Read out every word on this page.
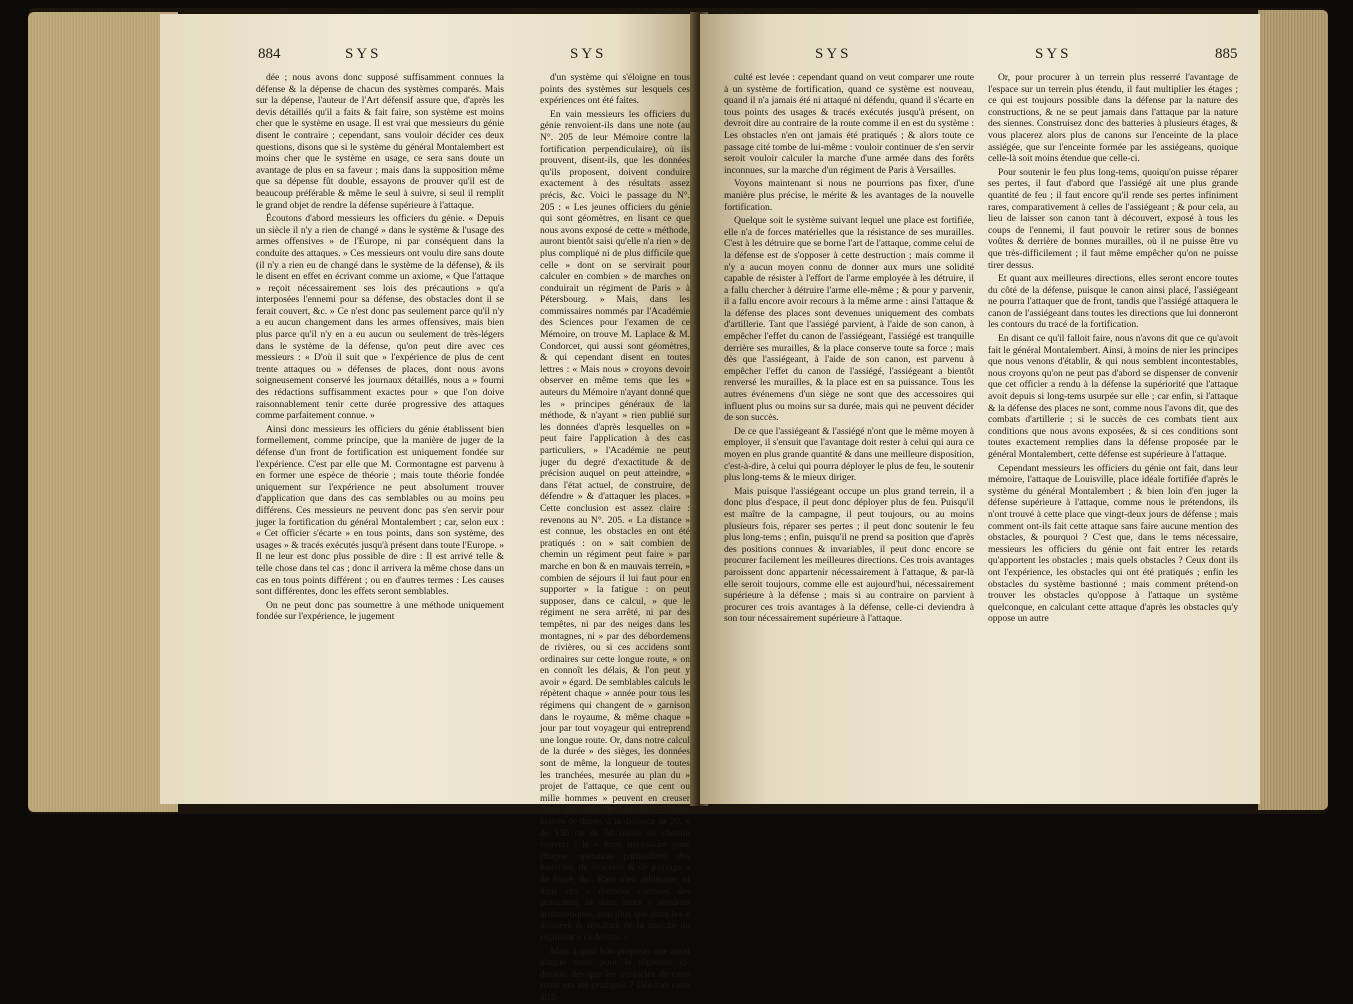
884	SYS	SYS

dée ; nous avons donc supposé suffisamment connues la défense & la dépense de chacun des systèmes comparés. Mais sur la dépense, l'auteur de l'Art défensif assure que, d'après les devis détaillés qu'il a faits & fait faire, son système est moins cher que le système en usage. Il est vrai que messieurs du génie disent le contraire ; cependant, sans vouloir décider ces deux questions, disons que si le système du général Montalembert est moins cher que le système en usage, ce sera sans doute un avantage de plus en sa faveur ; mais dans la supposition même que sa dépense fût double, essayons de prouver qu'il est de beaucoup préférable & même le seul à suivre, si seul il remplit le grand objet de rendre la défense supérieure à l'attaque.

Écoutons d'abord messieurs les officiers du génie. « Depuis un siècle il n'y a rien de changé » dans le système & l'usage des armes offensives » de l'Europe, ni par conséquent dans la conduite des attaques. » Ces messieurs ont voulu dire sans doute (il n'y a rien eu de changé dans le système de la défense), & ils le disent en effet en écrivant comme un axiome, « Que l'attaque » reçoit nécessairement ses lois des précautions » qu'a interposées l'ennemi pour sa défense, des obstacles dont il se ferait couvert, &c. » Ce n'est donc pas seulement parce qu'il n'y a eu aucun changement dans les armes offensives, mais bien plus parce qu'il n'y en a eu aucun ou seulement de très-légers dans le système de la défense, qu'on peut dire avec ces messieurs : « D'où il suit que » l'expérience de plus de cent trente attaques ou » défenses de places, dont nous avons soigneusement conservé les journaux détaillés, nous a » fourni des rédactions suffisamment exactes pour » que l'on doive raisonnablement tenir cette durée progressive des attaques comme parfaitement connue. »

Ainsi donc messieurs les officiers du génie établissent bien formellement, comme principe, que la manière de juger de la défense d'un front de fortification est uniquement fondée sur l'expérience. C'est par elle que M. Cormontagne est parvenu à en former une espèce de théorie ; mais toute théorie fondée uniquement sur l'expérience ne peut absolument trouver d'application que dans des cas semblables ou au moins peu différens. Ces messieurs ne peuvent donc pas s'en servir pour juger la fortification du général Montalembert ; car, selon eux : « Cet officier s'écarte » en tous points, dans son système, des usages » & tracés exécutés jusqu'à présent dans toute l'Europe. » Il ne leur est donc plus possible de dire : Il est arrivé telle & telle chose dans tel cas ; donc il arrivera la même chose dans un cas en tous points différent ; ou en d'autres termes : Les causes sont différentes, donc les effets seront semblables.

On ne peut donc pas soumettre à une méthode uniquement fondée sur l'expérience, le jugement

d'un système qui s'éloigne en tous points des systèmes sur lesquels ces expériences ont été faites.

En vain messieurs les officiers du génie renvoient-ils dans une note (au N°. 205 de leur Mémoire contre la fortification perpendiculaire), où ils prouvent, disent-ils, que les données qu'ils proposent, doivent conduire exactement à des résultats assez précis, &c. Voici le passage du N°. 205 : « Les jeunes officiers du génie qui sont géomètres, en lisant ce que nous avons exposé de cette » méthode, auront bientôt saisi qu'elle n'a rien » de plus compliqué ni de plus difficile que celle » dont on se servirait pour calculer en combien » de marches on conduirait un régiment de Paris » à Pétersbourg. » Mais, dans les commissaires nommés par l'Académie des Sciences pour l'examen de ce Mémoire, on trouve M. Laplace & M. Condorcet, qui aussi sont géomètres, & qui cependant disent en toutes lettres : « Mais nous » croyons devoir observer en même tems que les » auteurs du Mémoire n'ayant donné que les » principes généraux de la méthode, & n'ayant » rien publié sur les données d'après lesquelles on » peut faire l'application à des cas particuliers, » l'Académie ne peut juger du degré d'exactitude & de précision auquel on peut atteindre, » dans l'état actuel, de construire, de défendre » & d'attaquer les places. » Cette conclusion est assez claire : revenons au N°. 205. « La distance » est connue, les obstacles en ont été pratiqués : on » sait combien de chemin un régiment peut faire » par marche en bon & en mauvais terrein, » combien de séjours il lui faut pour en supporter » la fatigue : on peut supposer, dans ce calcul, » que le régiment ne sera arrêté, ni par des tempêtes, ni par des neiges dans les montagnes, ni » par des débordemens de rivières, ou si ces accidens sont ordinaires sur cette longue route, » on en connoît les délais, & l'on peut y avoir » égard. De semblables calculs le répètent chaque » année pour tous les régimens qui changent de » garnison dans le royaume, & même chaque » jour par tout voyageur qui entreprend une longue route. Or, dans notre calcul de la durée » des sièges, les données sont de même, la longueur de toutes les tranchées, mesurée au plan du » projet de l'attaque, ce que cent ou mille hommes » peuvent en creuser dans une nuit de huit ou » douze heures de durée, à la distance de 20, » de 150 ou de 50 toises de chemin couvert ; le » tems nécessaire pour chaque opération particulière des batteries, de descente & de passage » de fossé, &c. Rien n'est arbitraire, ni dans ces » données connues des praticiens, ni dans leurs » résultats arithmétiques, non plus que dans les » données & résultats de la marche du régiment » ci-dessus. »

Mais à quoi bon proposer une aussi longue route pour le régiment ci-dessus, dès que les obstacles de cette route ont été pratiqués ? Dès-lors cette diffi-

SYS	SYS	885

culté est levée : cependant quand on veut comparer une route à un système de fortification, quand ce système est nouveau, quand il n'a jamais été ni attaqué ni défendu, quand il s'écarte en tous points des usages & tracés exécutés jusqu'à présent, on devroit dire au contraire de la route comme il en est du système : Les obstacles n'en ont jamais été pratiqués ; & alors toute ce passage cité tombe de lui-même : vouloir continuer de s'en servir seroit vouloir calculer la marche d'une armée dans des forêts inconnues, sur la marche d'un régiment de Paris à Versailles.

Voyons maintenant si nous ne pourrions pas fixer, d'une manière plus précise, le mérite & les avantages de la nouvelle fortification.

Quelque soit le système suivant lequel une place est fortifiée, elle n'a de forces matérielles que la résistance de ses murailles. C'est à les détruire que se borne l'art de l'attaque, comme celui de la défense est de s'opposer à cette destruction ; mais comme il n'y a aucun moyen connu de donner aux murs une solidité capable de résister à l'effort de l'arme employée à les détruire, il a fallu chercher à détruire l'arme elle-même ; & pour y parvenir, il a fallu encore avoir recours à la même arme : ainsi l'attaque & la défense des places sont devenues uniquement des combats d'artillerie. Tant que l'assiégé parvient, à l'aide de son canon, à empêcher l'effet du canon de l'assiégeant, l'assiégé est tranquille derrière ses murailles, & la place conserve toute sa force ; mais dès que l'assiégeant, à l'aide de son canon, est parvenu à empêcher l'effet du canon de l'assiégé, l'assiégeant a bientôt renversé les murailles, & la place est en sa puissance. Tous les autres événemens d'un siège ne sont que des accessoires qui influent plus ou moins sur sa durée, mais qui ne peuvent décider de son succès.

De ce que l'assiégeant & l'assiégé n'ont que le même moyen à employer, il s'ensuit que l'avantage doit rester à celui qui aura ce moyen en plus grande quantité & dans une meilleure disposition, c'est-à-dire, à celui qui pourra déployer le plus de feu, le soutenir plus long-tems & le mieux diriger.

Mais puisque l'assiégeant occupe un plus grand terrein, il a donc plus d'espace, il peut donc déployer plus de feu. Puisqu'il est maître de la campagne, il peut toujours, ou au moins plusieurs fois, réparer ses pertes ; il peut donc soutenir le feu plus long-tems ; enfin, puisqu'il ne prend sa position que d'après des positions connues & invariables, il peut donc encore se procurer facilement les meilleures directions. Ces trois avantages paroissent donc appartenir nécessairement à l'attaque, & par-là elle seroit toujours, comme elle est aujourd'hui, nécessairement supérieure à la défense ; mais si au contraire on parvient à procurer ces trois avantages à la défense, celle-ci deviendra à son tour nécessairement supérieure à l'attaque.

Or, pour procurer à un terrein plus resserré l'avantage de l'espace sur un terrein plus étendu, il faut multiplier les étages ; ce qui est toujours possible dans la défense par la nature des constructions, & ne se peut jamais dans l'attaque par la nature des siennes. Construisez donc des batteries à plusieurs étages, & vous placerez alors plus de canons sur l'enceinte de la place assiégée, que sur l'enceinte formée par les assiégeans, quoique celle-là soit moins étendue que celle-ci.

Pour soutenir le feu plus long-tems, quoiqu'on puisse réparer ses pertes, il faut d'abord que l'assiégé ait une plus grande quantité de feu ; il faut encore qu'il rende ses pertes infiniment rares, comparativement à celles de l'assiégeant ; & pour cela, au lieu de laisser son canon tant à découvert, exposé à tous les coups de l'ennemi, il faut pouvoir le retirer sous de bonnes voûtes & derrière de bonnes murailles, où il ne puisse être vu que très-difficilement ; il faut même empêcher qu'on ne puisse tirer dessus.

Et quant aux meilleures directions, elles seront encore toutes du côté de la défense, puisque le canon ainsi placé, l'assiégeant ne pourra l'attaquer que de front, tandis que l'assiégé attaquera le canon de l'assiégeant dans toutes les directions que lui donneront les contours du tracé de la fortification.

En disant ce qu'il falloit faire, nous n'avons dit que ce qu'avoit fait le général Montalembert. Ainsi, à moins de nier les principes que nous venons d'établir, & qui nous semblent incontestables, nous croyons qu'on ne peut pas d'abord se dispenser de convenir que cet officier a rendu à la défense la supériorité que l'attaque avoit depuis si long-tems usurpée sur elle ; car enfin, si l'attaque & la défense des places ne sont, comme nous l'avons dit, que des combats d'artillerie ; si le succès de ces combats tient aux conditions que nous avons exposées, & si ces conditions sont toutes exactement remplies dans la défense proposée par le général Montalembert, cette défense est supérieure à l'attaque.

Cependant messieurs les officiers du génie ont fait, dans leur mémoire, l'attaque de Louisville, place idéale fortifiée d'après le système du général Montalembert ; & bien loin d'en juger la défense supérieure à l'attaque, comme nous le prétendons, ils n'ont trouvé à cette place que vingt-deux jours de défense ; mais comment ont-ils fait cette attaque sans faire aucune mention des obstacles, & pourquoi ? C'est que, dans le tems nécessaire, messieurs les officiers du génie ont fait entrer les retards qu'apportent les obstacles ; mais quels obstacles ? Ceux dont ils ont l'expérience, les obstacles qui ont été pratiqués ; enfin les obstacles du système bastionné ; mais comment prétend-on trouver les obstacles qu'oppose à l'attaque un système quelconque, en calculant cette attaque d'après les obstacles qu'y oppose un autre
